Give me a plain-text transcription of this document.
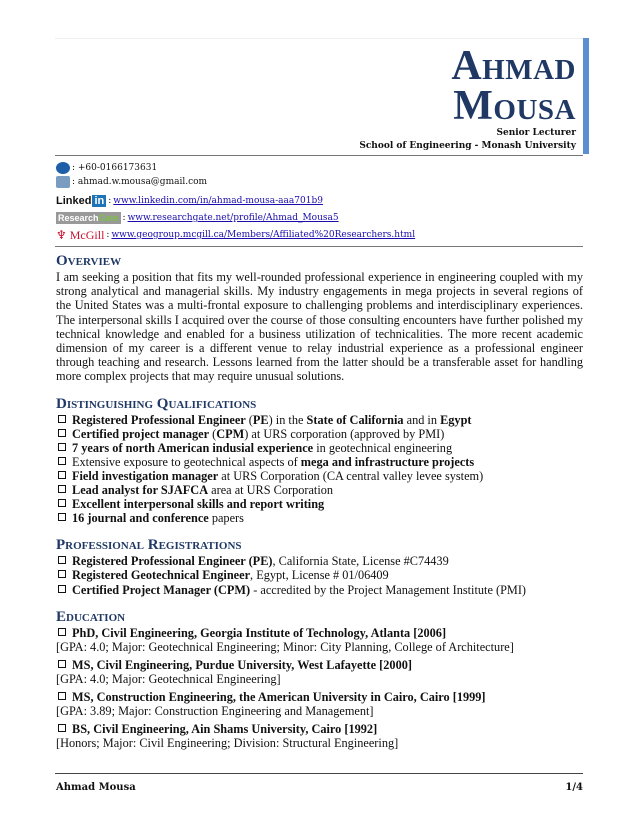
Ahmad
Mousa
Senior Lecturer
School of Engineering - Monash University
: +60-0166173631
: ahmad.w.mousa@gmail.com
Linked in : www.linkedin.com/in/ahmad-mousa-aaa701b9
ResearchGate : www.researchgate.net/profile/Ahmad_Mousa5
♆ McGill : www.geogroup.mcgill.ca/Members/Affiliated%20Researchers.html
Overview
I am seeking a position that fits my well-rounded professional experience in engineering coupled with my strong analytical and managerial skills. My industry engagements in mega projects in several regions of the United States was a multi-frontal exposure to challenging problems and interdisciplinary experiences. The interpersonal skills I acquired over the course of those consulting encounters have further polished my technical knowledge and enabled for a business utilization of technicalities. The more recent academic dimension of my career is a different venue to relay industrial experience as a professional engineer through teaching and research. Lessons learned from the latter should be a transferable asset for handling more complex projects that may require unusual solutions.
Distinguishing Qualifications
Registered Professional Engineer (PE) in the State of California and in Egypt
Certified project manager (CPM) at URS corporation (approved by PMI)
7 years of north American indusial experience in geotechnical engineering
Extensive exposure to geotechnical aspects of mega and infrastructure projects
Field investigation manager at URS Corporation (CA central valley levee system)
Lead analyst for SJAFCA area at URS Corporation
Excellent interpersonal skills and report writing
16 journal and conference papers
Professional Registrations
Registered Professional Engineer (PE), California State, License #C74439
Registered Geotechnical Engineer, Egypt, License # 01/06409
Certified Project Manager (CPM) - accredited by the Project Management Institute (PMI)
Education
PhD, Civil Engineering, Georgia Institute of Technology, Atlanta [2006]
[GPA: 4.0; Major: Geotechnical Engineering; Minor: City Planning, College of Architecture]
MS, Civil Engineering, Purdue University, West Lafayette [2000]
[GPA: 4.0; Major: Geotechnical Engineering]
MS, Construction Engineering, the American University in Cairo, Cairo [1999]
[GPA: 3.89; Major: Construction Engineering and Management]
BS, Civil Engineering, Ain Shams University, Cairo [1992]
[Honors; Major: Civil Engineering; Division: Structural Engineering]
Ahmad Mousa	1/4
